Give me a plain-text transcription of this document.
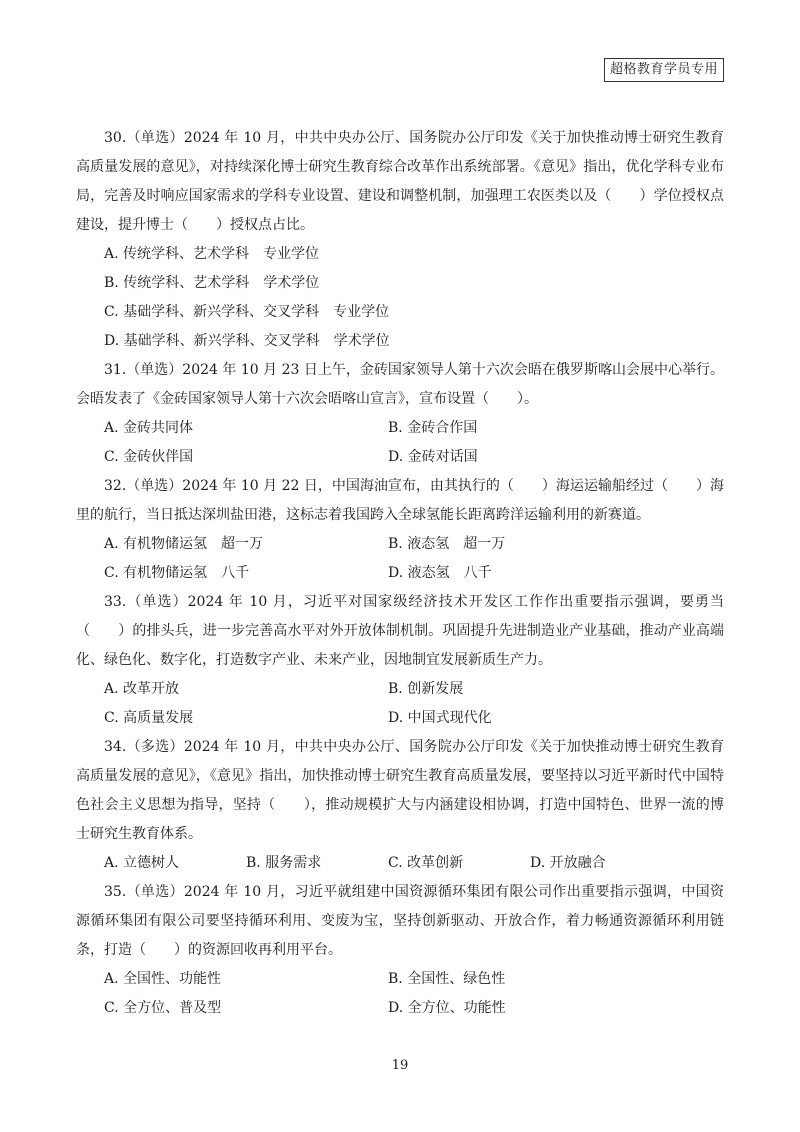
超格教育学员专用

30.（单选）2024 年 10 月，中共中央办公厅、国务院办公厅印发《关于加快推动博士研究生教育高质量发展的意见》，对持续深化博士研究生教育综合改革作出系统部署。《意见》指出，优化学科专业布局，完善及时响应国家需求的学科专业设置、建设和调整机制，加强理工农医类以及（　　）学位授权点建设，提升博士（　　）授权点占比。

A. 传统学科、艺术学科　专业学位
B. 传统学科、艺术学科　学术学位
C. 基础学科、新兴学科、交叉学科　专业学位
D. 基础学科、新兴学科、交叉学科　学术学位

31.（单选）2024 年 10 月 23 日上午，金砖国家领导人第十六次会晤在俄罗斯喀山会展中心举行。会晤发表了《金砖国家领导人第十六次会晤喀山宣言》，宣布设置（　　）。

A. 金砖共同体	B. 金砖合作国
C. 金砖伙伴国	D. 金砖对话国

32.（单选）2024 年 10 月 22 日，中国海油宣布，由其执行的（　　）海运运输船经过（　　）海里的航行，当日抵达深圳盐田港，这标志着我国跨入全球氢能长距离跨洋运输利用的新赛道。

A. 有机物储运氢　超一万	B. 液态氢　超一万
C. 有机物储运氢　八千	D. 液态氢　八千

33.（单选）2024 年 10 月，习近平对国家级经济技术开发区工作作出重要指示强调，要勇当（　　）的排头兵，进一步完善高水平对外开放体制机制。巩固提升先进制造业产业基础，推动产业高端化、绿色化、数字化，打造数字产业、未来产业，因地制宜发展新质生产力。

A. 改革开放	B. 创新发展
C. 高质量发展	D. 中国式现代化

34.（多选）2024 年 10 月，中共中央办公厅、国务院办公厅印发《关于加快推动博士研究生教育高质量发展的意见》，《意见》指出，加快推动博士研究生教育高质量发展，要坚持以习近平新时代中国特色社会主义思想为指导，坚持（　　），推动规模扩大与内涵建设相协调，打造中国特色、世界一流的博士研究生教育体系。

A. 立德树人	B. 服务需求	C. 改革创新	D. 开放融合

35.（单选）2024 年 10 月，习近平就组建中国资源循环集团有限公司作出重要指示强调，中国资源循环集团有限公司要坚持循环利用、变废为宝，坚持创新驱动、开放合作，着力畅通资源循环利用链条，打造（　　）的资源回收再利用平台。

A. 全国性、功能性	B. 全国性、绿色性
C. 全方位、普及型	D. 全方位、功能性
19
